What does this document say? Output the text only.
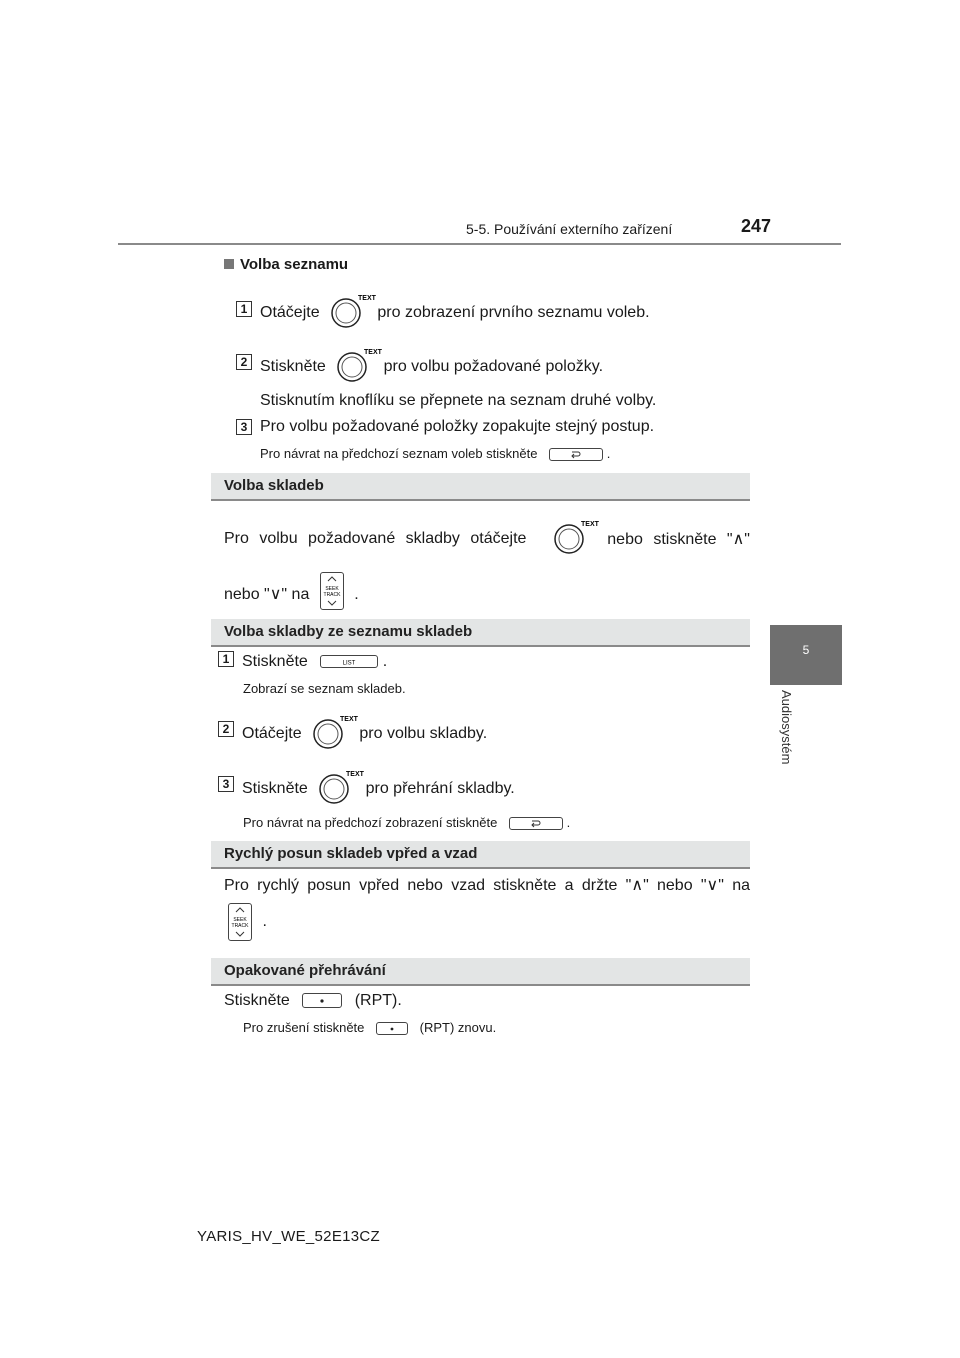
5-5. Používání externího zařízení	247
5
Audiosystém
Volba seznamu
1 Otáčejte
TEXT
pro zobrazení prvního seznamu voleb.
2 Stiskněte
TEXT
pro volbu požadované položky.
Stisknutím knoflíku se přepnete na seznam druhé volby.
3 Pro volbu požadované položky zopakujte stejný postup.
Pro návrat na předchozí seznam voleb stiskněte	.
Volba skladeb
Pro volbu požadované skladby otáčejte
TEXT
nebo stiskněte "∧"
nebo "∨" na	SEEK
TRACK .
Volba skladby ze seznamu skladeb
1 Stiskněte	LIST .
Zobrazí se seznam skladeb.
2 Otáčejte
TEXT
pro volbu skladby.
3 Stiskněte
TEXT
pro přehrání skladby.
Pro návrat na předchozí zobrazení stiskněte	.
Rychlý posun skladeb vpřed a vzad
Pro rychlý posun vpřed nebo vzad stiskněte a držte "∧" nebo "∨" na
SEEK
TRACK .
Opakované přehrávání
Stiskněte	(RPT).
Pro zrušení stiskněte	(RPT) znovu.
YARIS_HV_WE_52E13CZ
